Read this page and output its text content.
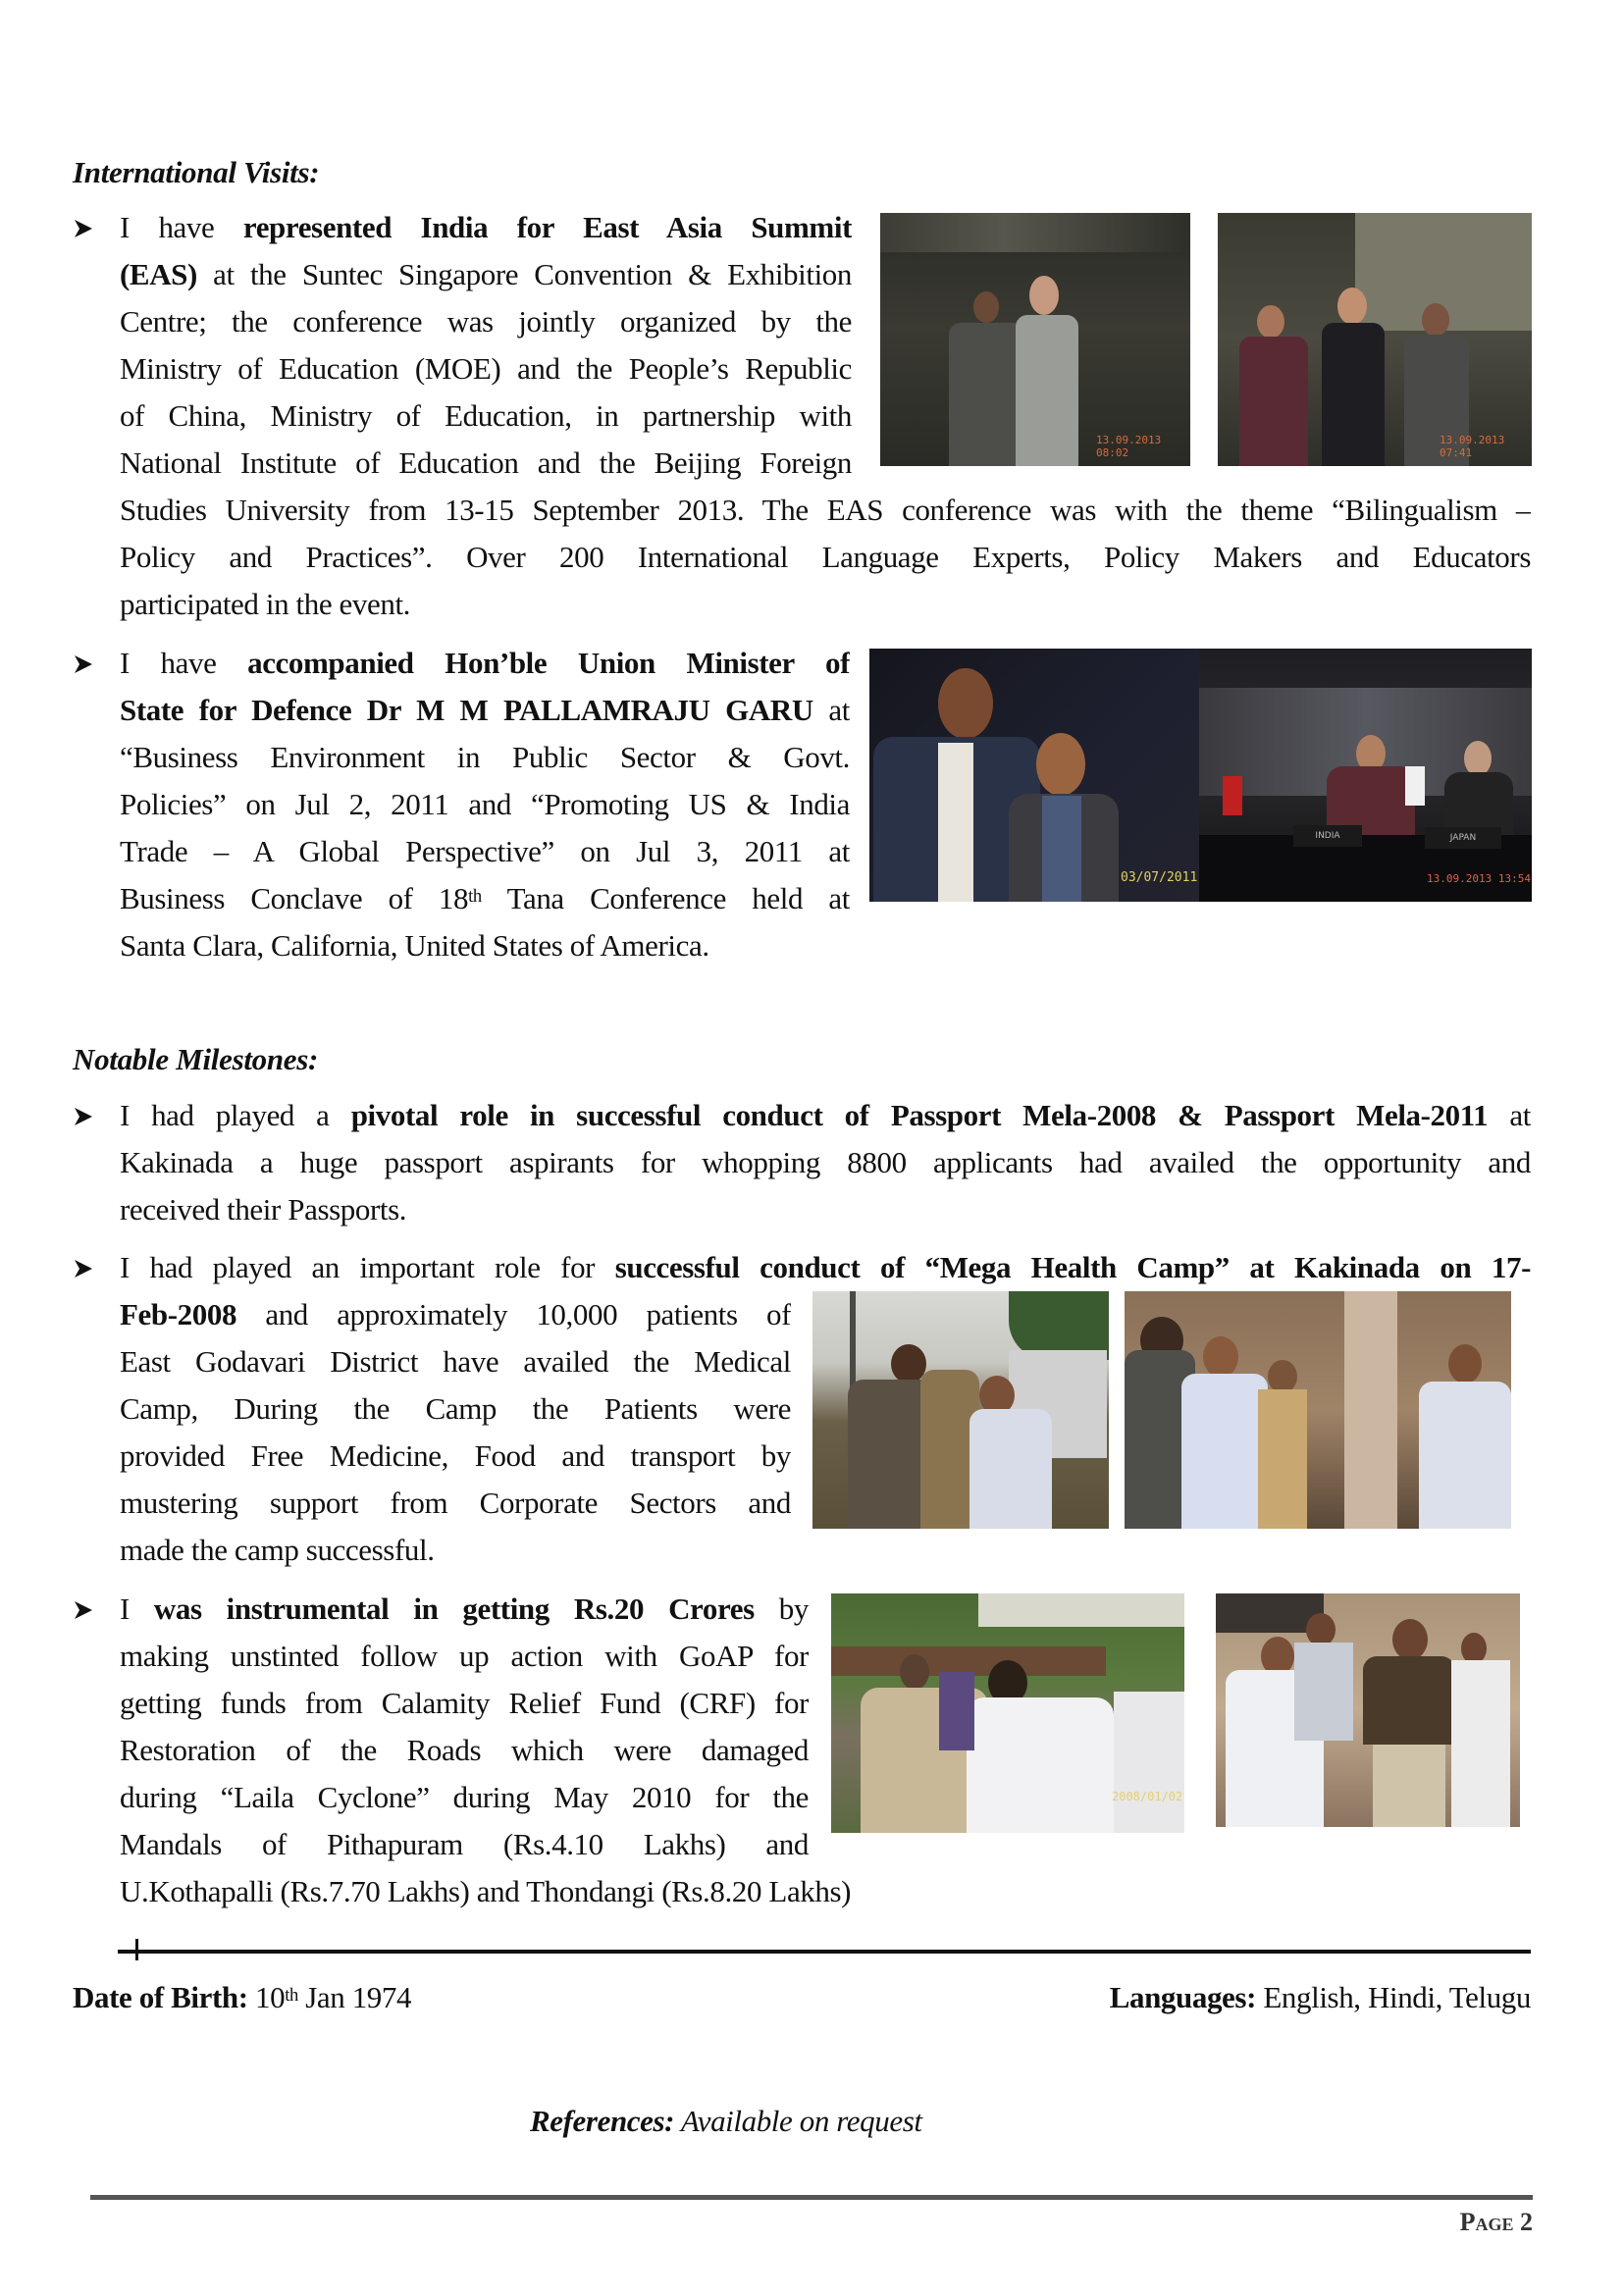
International Visits:
I have represented India for East Asia Summit
(EAS) at the Suntec Singapore Convention & Exhibition
Centre; the conference was jointly organized by the
Ministry of Education (MOE) and the People’s Republic
of China, Ministry of Education, in partnership with
National Institute of Education and the Beijing Foreign
Studies University from 13-15 September 2013. The EAS conference was with the theme “Bilingualism –
Policy and Practices”. Over 200 International Language Experts, Policy Makers and Educators
participated in the event.
13.09.2013 08:02
13.09.2013 07:41
I have accompanied Hon’ble Union Minister of
State for Defence Dr M M PALLAMRAJU GARU at
“Business Environment in Public Sector & Govt.
Policies” on Jul 2, 2011 and “Promoting US & India
Trade – A Global Perspective” on Jul 3, 2011 at
Business Conclave of 18th Tana Conference held at
Santa Clara, California, United States of America.
03/07/2011
INDIA	JAPAN
13.09.2013 13:54
Notable Milestones:
I had played a pivotal role in successful conduct of Passport Mela-2008 & Passport Mela-2011 at
Kakinada a huge passport aspirants for whopping 8800 applicants had availed the opportunity and
received their Passports.
I had played an important role for successful conduct of “Mega Health Camp” at Kakinada on 17-
Feb-2008 and approximately 10,000 patients of
East Godavari District have availed the Medical
Camp, During the Camp the Patients were
provided Free Medicine, Food and transport by
mustering support from Corporate Sectors and
made the camp successful.
I was instrumental in getting Rs.20 Crores by
making unstinted follow up action with GoAP for
getting funds from Calamity Relief Fund (CRF) for
Restoration of the Roads which were damaged
during “Laila Cyclone” during May 2010 for the
Mandals of Pithapuram (Rs.4.10 Lakhs) and
U.Kothapalli (Rs.7.70 Lakhs) and Thondangi (Rs.8.20 Lakhs)
2008/01/02
Date of Birth: 10th Jan 1974	Languages: English, Hindi, Telugu
References: Available on request
Page 2
